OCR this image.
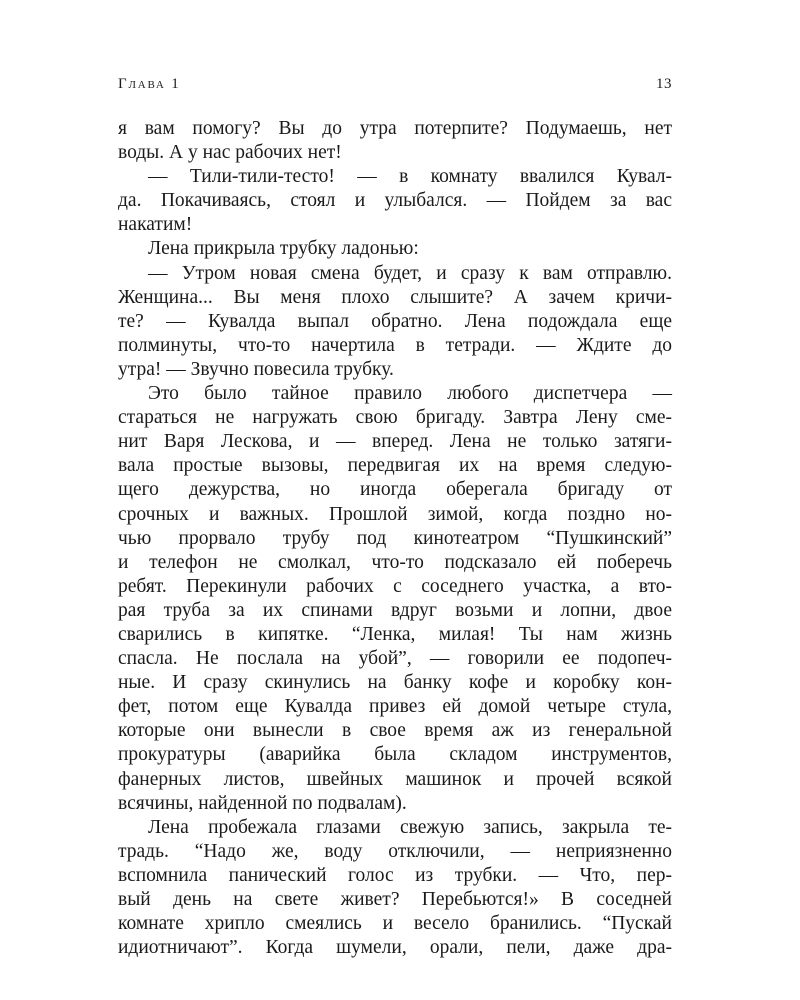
Глава 1	13
я вам помогу? Вы до утра потерпите? Подумаешь, нет
воды. А у нас рабочих нет!
— Тили-тили-тесто! — в комнату ввалился Кувал-
да. Покачиваясь, стоял и улыбался. — Пойдем за вас
накатим!
Лена прикрыла трубку ладонью:
— Утром новая смена будет, и сразу к вам отправлю.
Женщина... Вы меня плохо слышите? А зачем кричи-
те? — Кувалда выпал обратно. Лена подождала еще
полминуты, что-то начертила в тетради. — Ждите до
утра! — Звучно повесила трубку.
Это было тайное правило любого диспетчера —
стараться не нагружать свою бригаду. Завтра Лену сме-
нит Варя Лескова, и — вперед. Лена не только затяги-
вала простые вызовы, передвигая их на время следую-
щего дежурства, но иногда оберегала бригаду от
срочных и важных. Прошлой зимой, когда поздно но-
чью прорвало трубу под кинотеатром “Пушкинский”
и телефон не смолкал, что-то подсказало ей поберечь
ребят. Перекинули рабочих с соседнего участка, а вто-
рая труба за их спинами вдруг возьми и лопни, двое
сварились в кипятке. “Ленка, милая! Ты нам жизнь
спасла. Не послала на убой”, — говорили ее подопеч-
ные. И сразу скинулись на банку кофе и коробку кон-
фет, потом еще Кувалда привез ей домой четыре стула,
которые они вынесли в свое время аж из генеральной
прокуратуры (аварийка была складом инструментов,
фанерных листов, швейных машинок и прочей всякой
всячины, найденной по подвалам).
Лена пробежала глазами свежую запись, закрыла те-
традь. “Надо же, воду отключили, — неприязненно
вспомнила панический голос из трубки. — Что, пер-
вый день на свете живет? Перебьются!» В соседней
комнате хрипло смеялись и весело бранились. “Пускай
идиотничают”. Когда шумели, орали, пели, даже дра-
